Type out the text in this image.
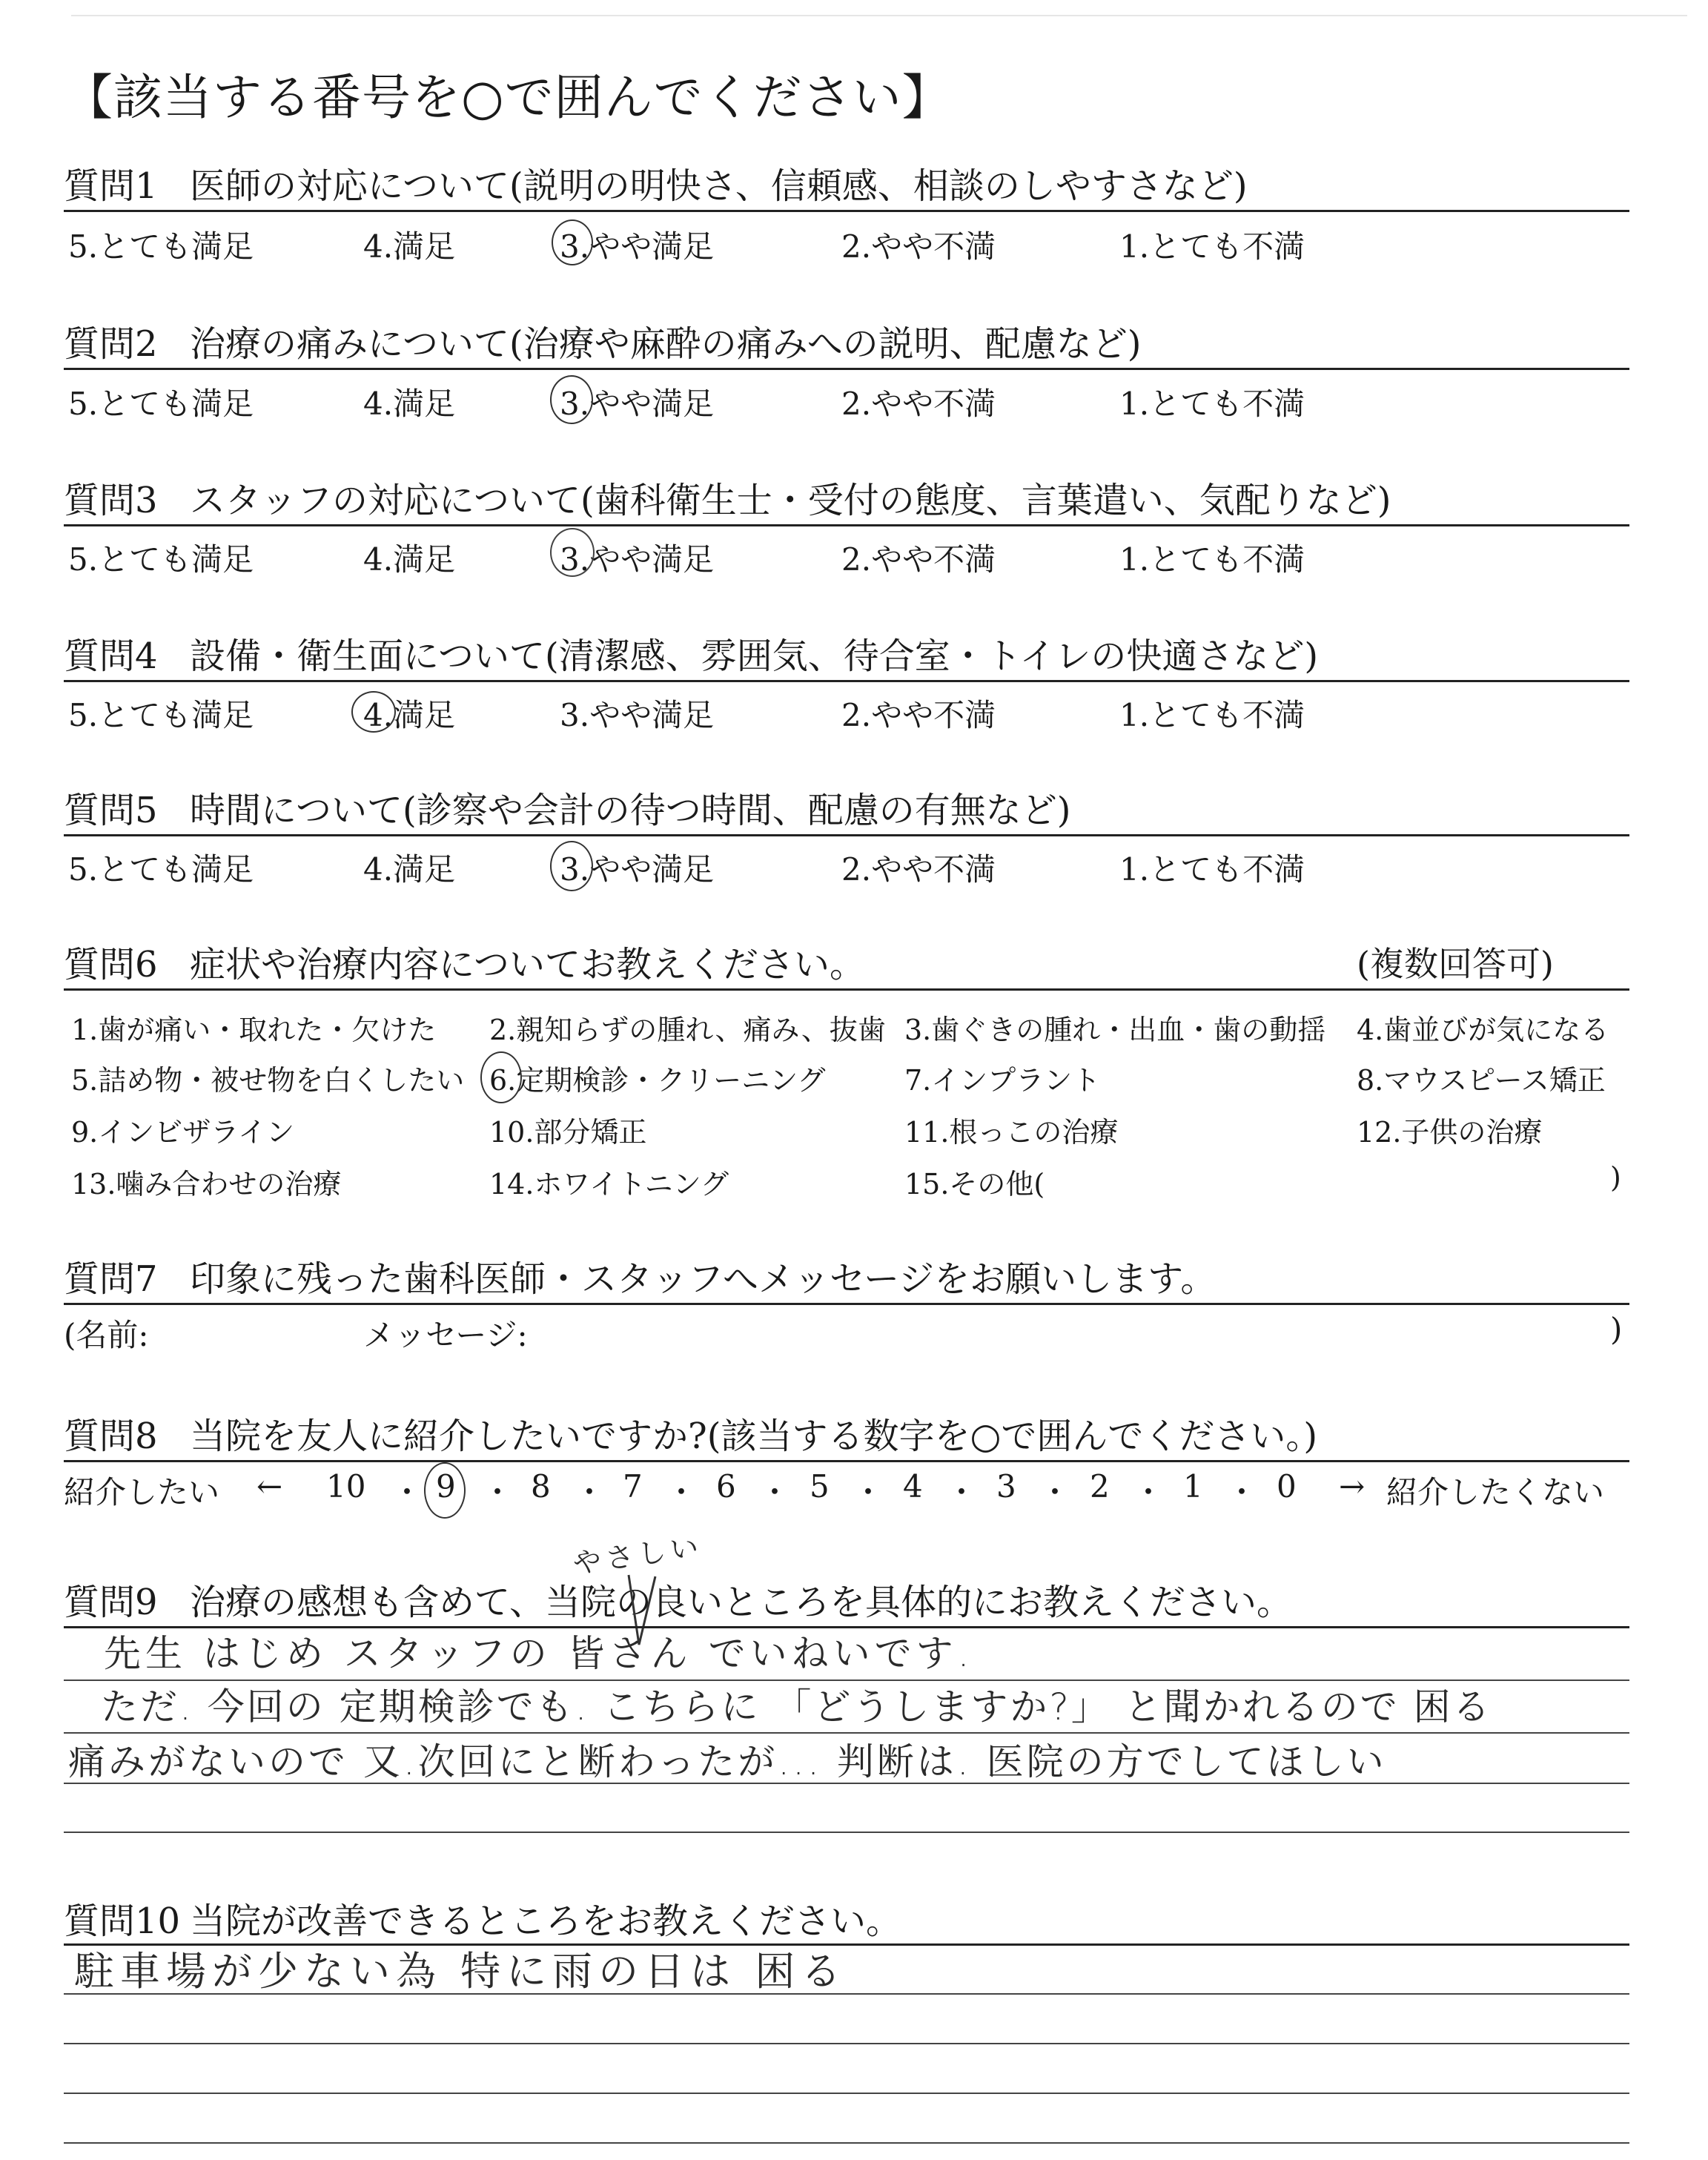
【該当する番号を○で囲んでください】
質問1 医師の対応について(説明の明快さ、信頼感、相談のしやすさなど)
5.とても満足	4.満足	3.やや満足	2.やや不満	1.とても不満
質問2 治療の痛みについて(治療や麻酔の痛みへの説明、配慮など)
5.とても満足	4.満足	3.やや満足	2.やや不満	1.とても不満
質問3 スタッフの対応について(歯科衛生士・受付の態度、言葉遣い、気配りなど)
5.とても満足	4.満足	3.やや満足	2.やや不満	1.とても不満
質問4 設備・衛生面について(清潔感、雰囲気、待合室・トイレの快適さなど)
5.とても満足	4.満足	3.やや満足	2.やや不満	1.とても不満
質問5 時間について(診察や会計の待つ時間、配慮の有無など)
5.とても満足	4.満足	3.やや満足	2.やや不満	1.とても不満
質問6 症状や治療内容についてお教えください。	(複数回答可)
1.歯が痛い・取れた・欠けた 2.親知らずの腫れ、痛み、抜歯 3.歯ぐきの腫れ・出血・歯の動揺 4.歯並びが気になる
5.詰め物・被せ物を白くしたい 6.定期検診・クリーニング	7.インプラント	8.マウスピース矯正
9.インビザライン	10.部分矯正	11.根っこの治療	12.子供の治療
13.噛み合わせの治療	14.ホワイトニング	15.その他(	)
質問7 印象に残った歯科医師・スタッフへメッセージをお願いします。
(名前:	メッセージ:	)
質問8 当院を友人に紹介したいですか?(該当する数字を○で囲んでください。)
紹介したい ← 10 ・ 9 ・ 8 ・ 7 ・ 6 ・ 5 ・ 4 ・ 3 ・ 2 ・ 1 ・ 0 → 紹介したくない
質問9 治療の感想も含めて、当院の良いところを具体的にお教えください。
やさしい
先生 はじめ スタッフの 皆さん でいねいです.
ただ. 今回の 定期検診でも. こちらに 「どうしますか?」 と聞かれるので 困る
痛みがないので 又.次回にと断わったが... 判断は. 医院の方でしてほしい
質問10 当院が改善できるところをお教えください。
駐車場が少ない為 特に雨の日は 困る
